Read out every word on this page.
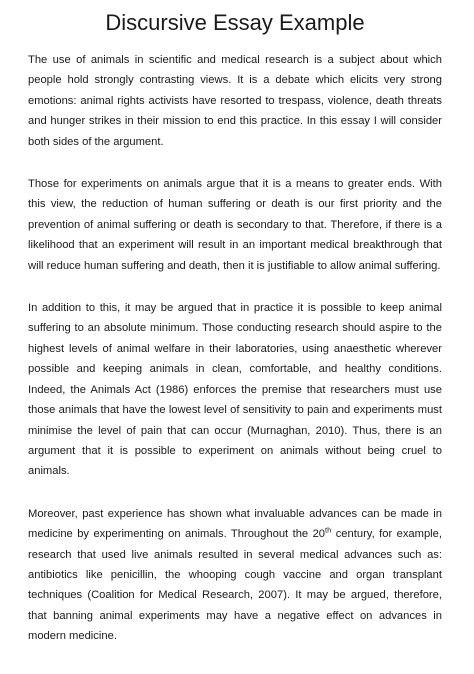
Discursive Essay Example

The use of animals in scientific and medical research is a subject about which people hold strongly contrasting views. It is a debate which elicits very strong emotions: animal rights activists have resorted to trespass, violence, death threats and hunger strikes in their mission to end this practice. In this essay I will consider both sides of the argument.

Those for experiments on animals argue that it is a means to greater ends. With this view, the reduction of human suffering or death is our first priority and the prevention of animal suffering or death is secondary to that. Therefore, if there is a likelihood that an experiment will result in an important medical breakthrough that will reduce human suffering and death, then it is justifiable to allow animal suffering.

In addition to this, it may be argued that in practice it is possible to keep animal suffering to an absolute minimum. Those conducting research should aspire to the highest levels of animal welfare in their laboratories, using anaesthetic wherever possible and keeping animals in clean, comfortable, and healthy conditions. Indeed, the Animals Act (1986) enforces the premise that researchers must use those animals that have the lowest level of sensitivity to pain and experiments must minimise the level of pain that can occur (Murnaghan, 2010). Thus, there is an argument that it is possible to experiment on animals without being cruel to animals.

Moreover, past experience has shown what invaluable advances can be made in medicine by experimenting on animals. Throughout the 20th century, for example, research that used live animals resulted in several medical advances such as: antibiotics like penicillin, the whooping cough vaccine and organ transplant techniques (Coalition for Medical Research, 2007). It may be argued, therefore, that banning animal experiments may have a negative effect on advances in modern medicine.
